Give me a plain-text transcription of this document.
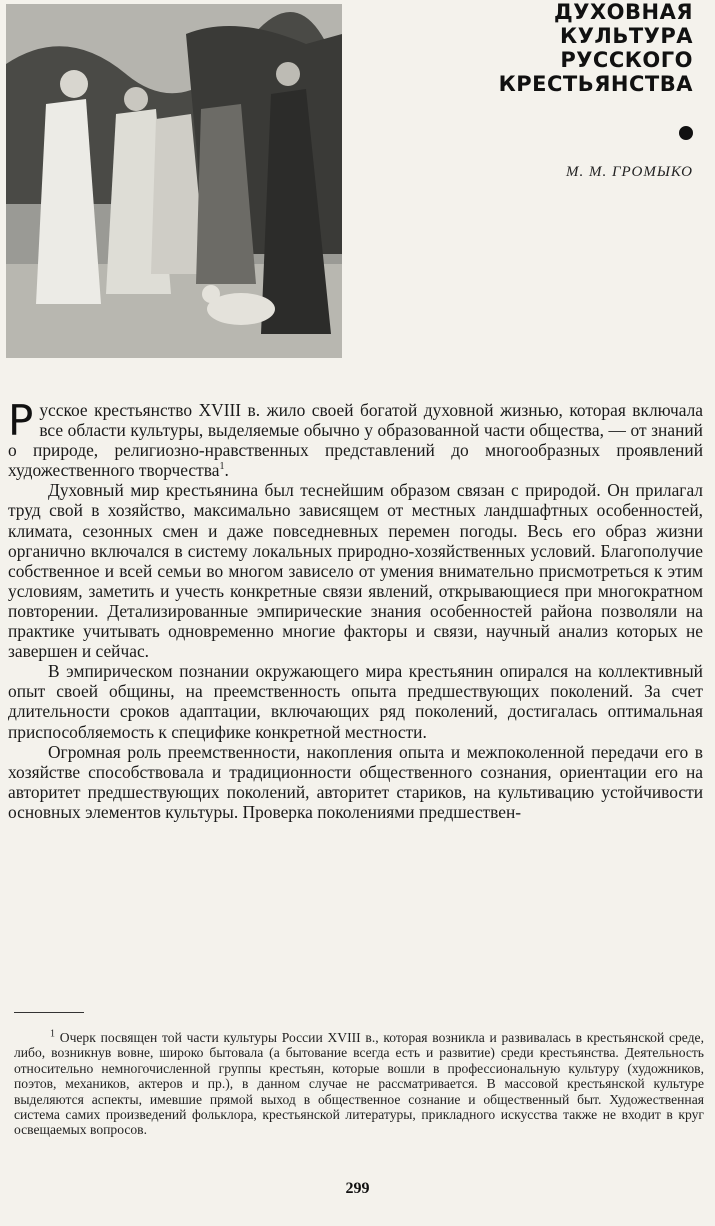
ДУХОВНАЯ
КУЛЬТУРА
РУССКОГО
КРЕСТЬЯНСТВА
М. М. ГРОМЫКО

Русское крестьянство XVIII в. жило своей богатой духовной жизнью, которая включала все области культуры, выделяемые обычно у образованной части общества, — от знаний о природе, религиозно-нравственных представлений до многообразных проявлений художественного творчества$^1$.

Духовный мир крестьянина был теснейшим образом связан с природой. Он прилагал труд свой в хозяйство, максимально зависящем от местных ландшафтных особенностей, климата, сезонных смен и даже повседневных перемен погоды. Весь его образ жизни органично включался в систему локальных природно-хозяйственных условий. Благополучие собственное и всей семьи во многом зависело от умения внимательно присмотреться к этим условиям, заметить и учесть конкретные связи явлений, открывающиеся при многократном повторении. Детализированные эмпирические знания особенностей района позволяли на практике учитывать одновременно многие факторы и связи, научный анализ которых не завершен и сейчас.

В эмпирическом познании окружающего мира крестьянин опирался на коллективный опыт своей общины, на преемственность опыта предшествующих поколений. За счет длительности сроков адаптации, включающих ряд поколений, достигалась оптимальная приспособляемость к специфике конкретной местности.

Огромная роль преемственности, накопления опыта и межпоколенной передачи его в хозяйстве способствовала и традиционности общественного сознания, ориентации его на авторитет предшествующих поколений, авторитет стариков, на культивацию устойчивости основных элементов культуры. Проверка поколениями предшествен-

$^1$ Очерк посвящен той части культуры России XVIII в., которая возникла и развивалась в крестьянской среде, либо, возникнув вовне, широко бытовала (а бытование всегда есть и развитие) среди крестьянства. Деятельность относительно немногочисленной группы крестьян, которые вошли в профессиональную культуру (художников, поэтов, механиков, актеров и пр.), в данном случае не рассматривается. В массовой крестьянской культуре выделяются аспекты, имевшие прямой выход в общественное сознание и общественный быт. Художественная система самих произведений фольклора, крестьянской литературы, прикладного искусства также не входит в круг освещаемых вопросов.

299
